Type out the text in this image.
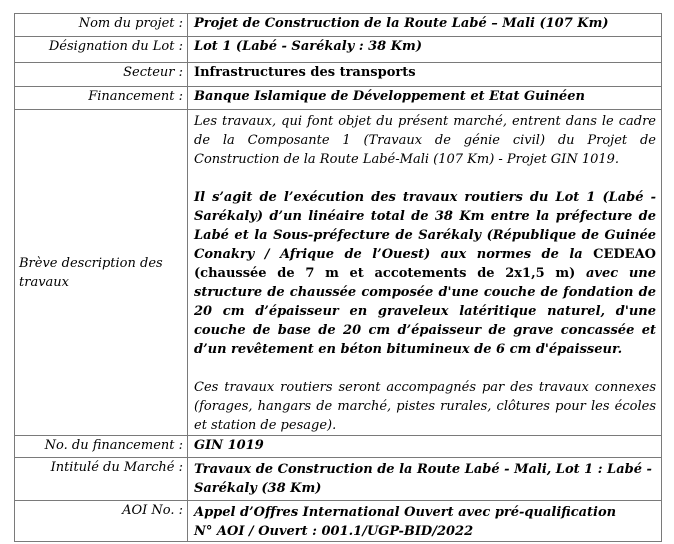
Nom du projet :	Projet de Construction de la Route Labé – Mali (107 Km)
Désignation du Lot :	Lot 1 (Labé - Sarékaly : 38 Km)
Secteur :	Infrastructures des transports
Financement :	Banque Islamique de Développement et Etat Guinéen
Brève description des travaux	Les travaux, qui font objet du présent marché, entrent dans le cadre de la Composante 1 (Travaux de génie civil) du Projet de Construction de la Route Labé-Mali (107 Km) - Projet GIN 1019.

Il s’agit de l’exécution des travaux routiers du Lot 1 (Labé - Sarékaly) d’un linéaire total de 38 Km entre la préfecture de Labé et la Sous-préfecture de Sarékaly (République de Guinée Conakry / Afrique de l’Ouest) aux normes de la CEDEAO (chaussée de 7 m et accotements de 2x1,5 m) avec une structure de chaussée composée d'une couche de fondation de 20 cm d’épaisseur en graveleux latéritique naturel, d'une couche de base de 20 cm d’épaisseur de grave concassée et d’un revêtement en béton bitumineux de 6 cm d'épaisseur.

Ces travaux routiers seront accompagnés par des travaux connexes (forages, hangars de marché, pistes rurales, clôtures pour les écoles et station de pesage).

No. du financement :	GIN 1019
Intitulé du Marché :	Travaux de Construction de la Route Labé - Mali, Lot 1 : Labé - Sarékaly (38 Km)
AOI No. :	Appel d’Offres International Ouvert avec pré-qualification
N° AOI / Ouvert : 001.1/UGP-BID/2022
